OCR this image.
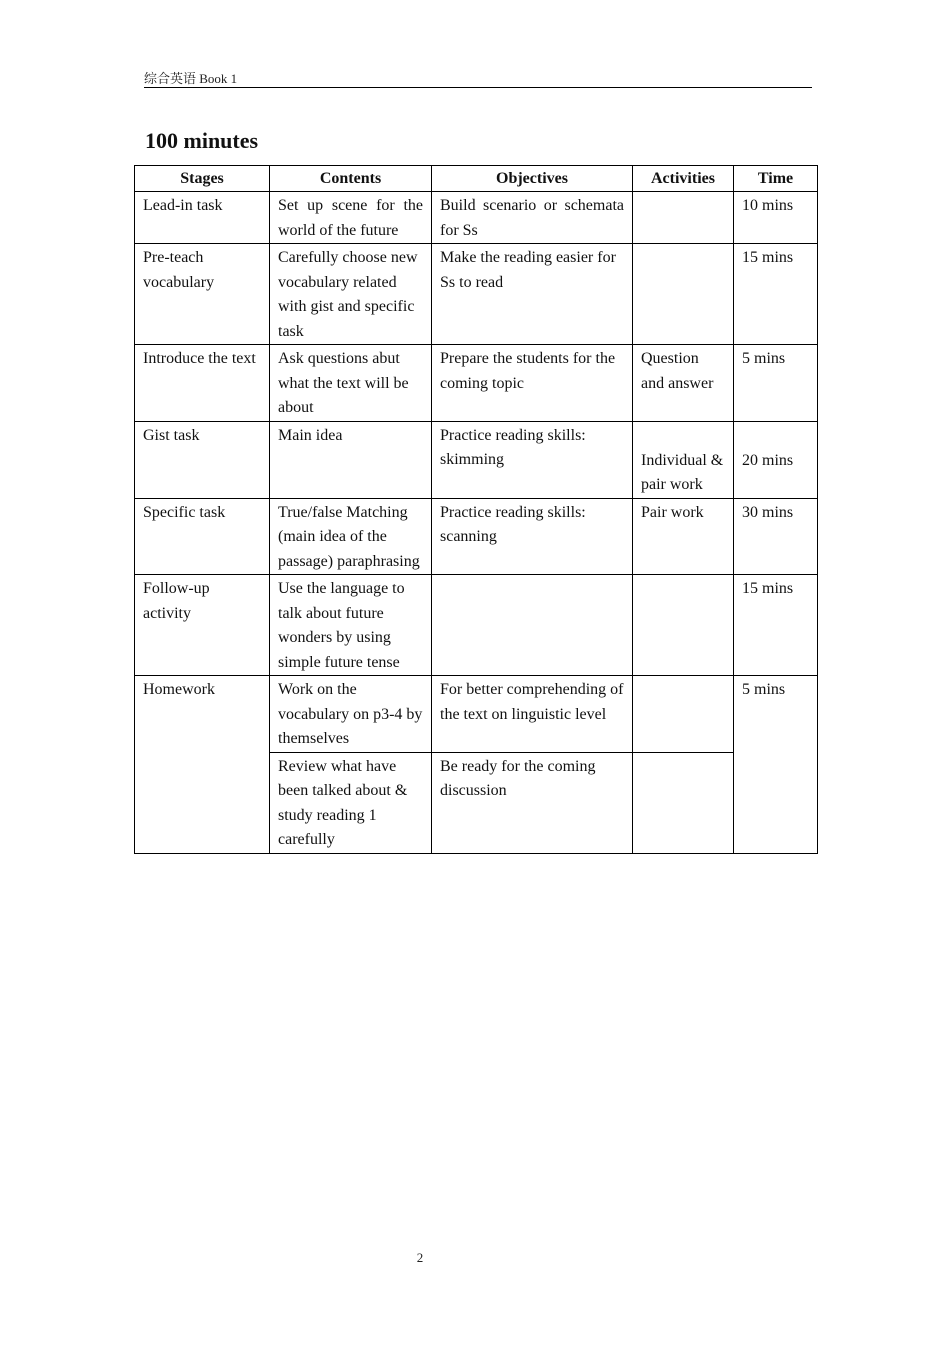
综合英语 Book 1
100 minutes
Stages	Contents	Objectives	Activities	Time
Lead-in task	Set up scene for the world of the future	Build scenario or schemata for Ss		10 mins
Pre-teach vocabulary	Carefully choose new vocabulary related with gist and specific task	Make the reading easier for Ss to read		15 mins
Introduce the text	Ask questions abut what the text will be about	Prepare the students for the coming topic	Question and answer	5 mins
Gist task	Main idea	Practice reading skills: skimming	Individual & pair work	20 mins
Specific task	True/false Matching (main idea of the passage) paraphrasing	Practice reading skills: scanning	Pair work	30 mins
Follow-up activity	Use the language to talk about future wonders by using simple future tense			15 mins
Homework	Work on the vocabulary on p3-4 by themselves	For better comprehending of the text on linguistic level		5 mins
	Review what have been talked about & study reading 1 carefully	Be ready for the coming discussion		
2
